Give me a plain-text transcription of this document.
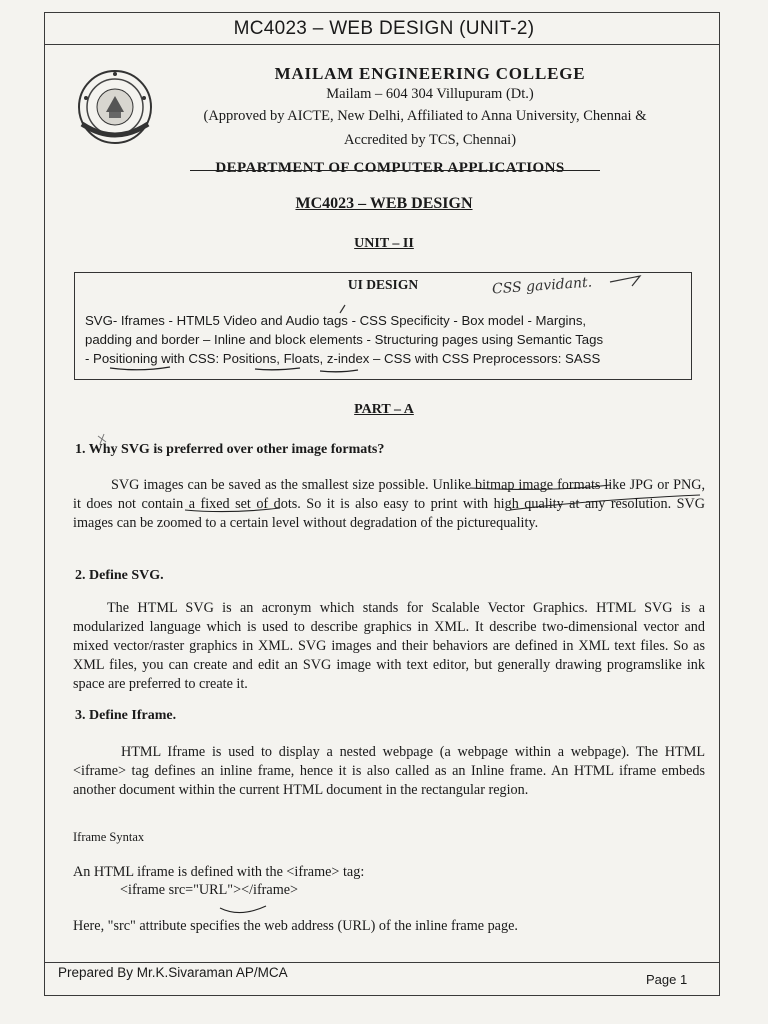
MC4023 – WEB DESIGN (UNIT-2)
MAILAM ENGINEERING COLLEGE
Mailam – 604 304 Villupuram (Dt.)
(Approved by AICTE, New Delhi, Affiliated to Anna University, Chennai &
Accredited by TCS, Chennai)
DEPARTMENT OF COMPUTER APPLICATIONS
MC4023 – WEB DESIGN
UNIT – II
UI DESIGN
SVG- Iframes - HTML5 Video and Audio tags - CSS Specificity - Box model - Margins,
padding and border – Inline and block elements - Structuring pages using Semantic Tags
- Positioning with CSS: Positions, Floats, z-index – CSS with CSS Preprocessors: SASS
CSS gavidant.
PART – A
1. Why SVG is preferred over other image formats?
SVG images can be saved as the smallest size possible. Unlike bitmap image formats like JPG or PNG, it does not contain a fixed set of dots. So it is also easy to print with high quality at any resolution. SVG images can be zoomed to a certain level without degradation of the picturequality.
2. Define SVG.
The HTML SVG is an acronym which stands for Scalable Vector Graphics. HTML SVG is a modularized language which is used to describe graphics in XML. It describe two-dimensional vector and mixed vector/raster graphics in XML. SVG images and their behaviors are defined in XML text files. So as XML files, you can create and edit an SVG image with text editor, but generally drawing programslike ink space are preferred to create it.
3. Define Iframe.
HTML Iframe is used to display a nested webpage (a webpage within a webpage). The HTML <iframe> tag defines an inline frame, hence it is also called as an Inline frame. An HTML iframe embeds another document within the current HTML document in the rectangular region.
Iframe Syntax
An HTML iframe is defined with the <iframe> tag:
<iframe src="URL"></iframe>
Here, "src" attribute specifies the web address (URL) of the inline frame page.
Prepared By Mr.K.Sivaraman AP/MCA	Page 1
